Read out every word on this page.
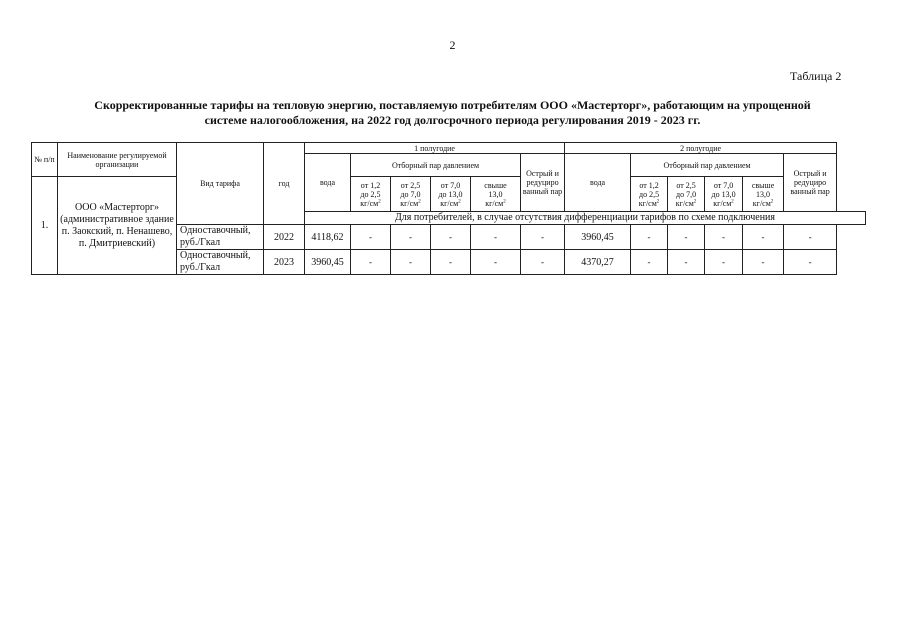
2
Таблица 2
Скорректированные тарифы на тепловую энергию, поставляемую потребителям ООО «Мастерторг», работающим на упрощенной
системе налогообложения, на 2022 год долгосрочного периода регулирования 2019 - 2023 гг.
№ п/п	Наименование регулируемой организации	Вид тарифа	год	1 полугодие						2 полугодие					
				вода	Отборный пар давлением				Острый и редуциро ванный пар	вода	Отборный пар давлением				Острый и редуциро ванный пар
1.	ООО «Мастерторг» (административное здание п. Заокский, п. Ненашево, п. Дмитриевский)				от 1,2
до 2,5
$кг/см^2$	от 2,5
до 7,0
$кг/см^2$	от 7,0
до 13,0
$кг/см^2$	свыше
13,0
$кг/см^2$			от 1,2
до 2,5
$кг/см^2$	от 2,5
до 7,0
$кг/см^2$	от 7,0
до 13,0
$кг/см^2$	свыше
13,0
$кг/см^2$
				Для потребителей, в случае отсутствия дифференциации тарифов по схеме подключения											
		Одноставочный, руб./Гкал	2022	4118,62	-	-	-	-	-	3960,45	-	-	-	-	-
		Одноставочный, руб./Гкал	2023	3960,45	-	-	-	-	-	4370,27	-	-	-	-	-
